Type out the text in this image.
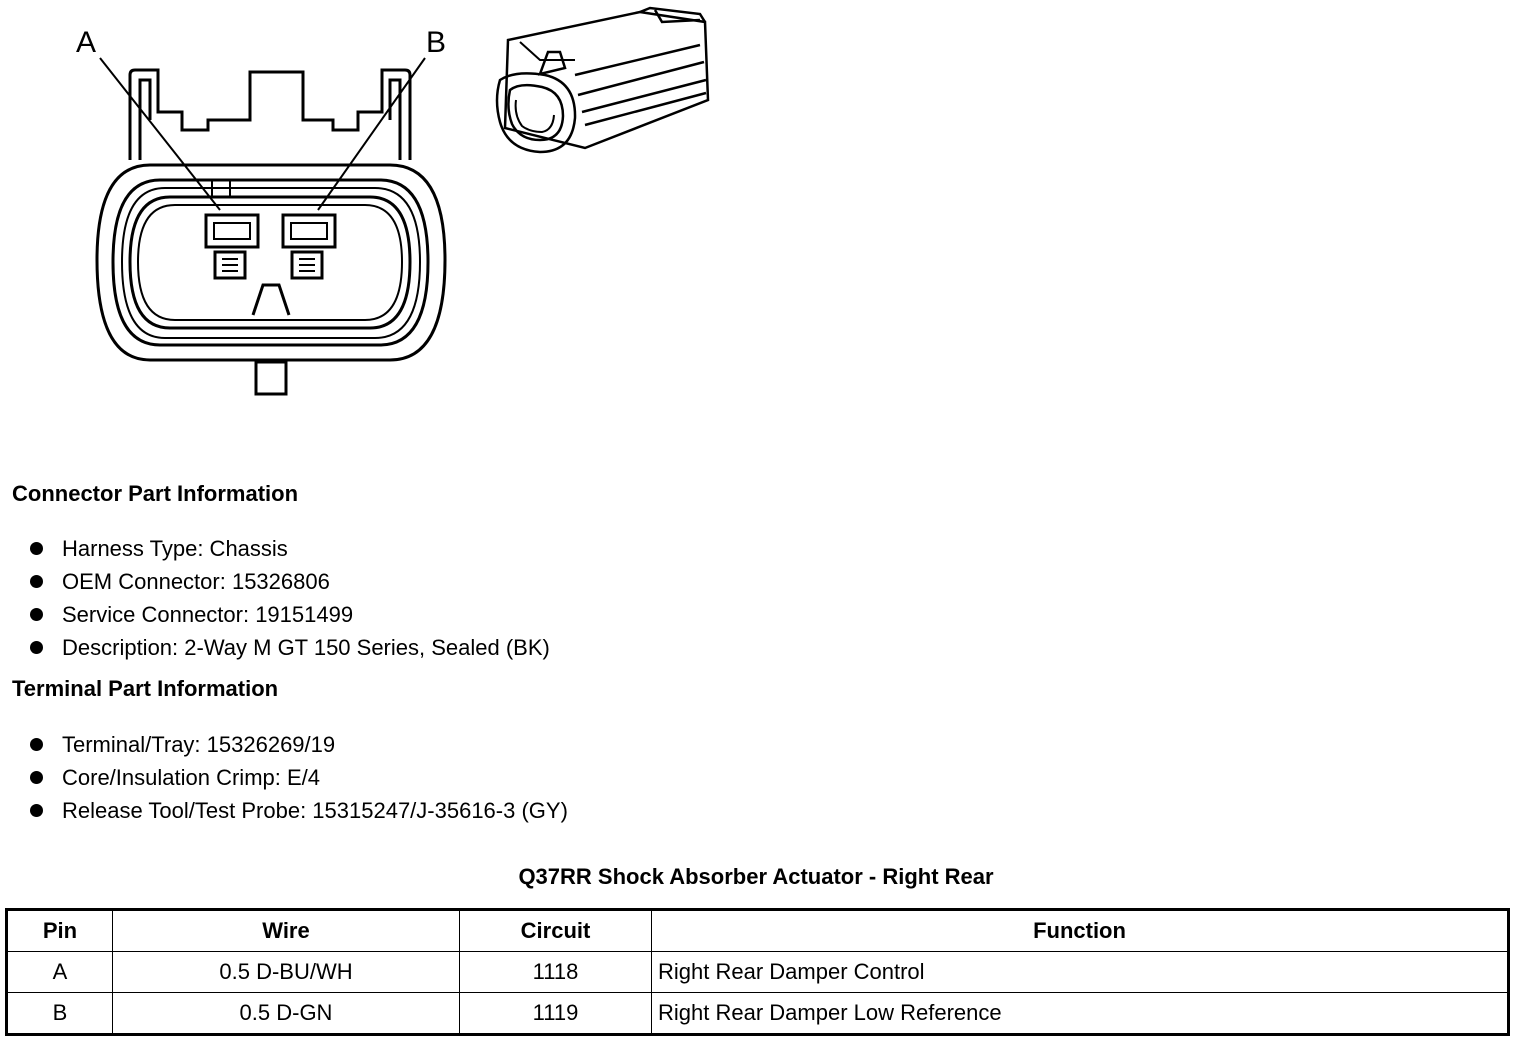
A	B
Connector Part Information
Harness Type: Chassis
OEM Connector: 15326806
Service Connector: 19151499
Description: 2-Way M GT 150 Series, Sealed (BK)
Terminal Part Information
Terminal/Tray: 15326269/19
Core/Insulation Crimp: E/4
Release Tool/Test Probe: 15315247/J-35616-3 (GY)
Q37RR Shock Absorber Actuator - Right Rear
Pin	Wire	Circuit	Function
A	0.5 D-BU/WH	1118	Right Rear Damper Control
B	0.5 D-GN	1119	Right Rear Damper Low Reference
